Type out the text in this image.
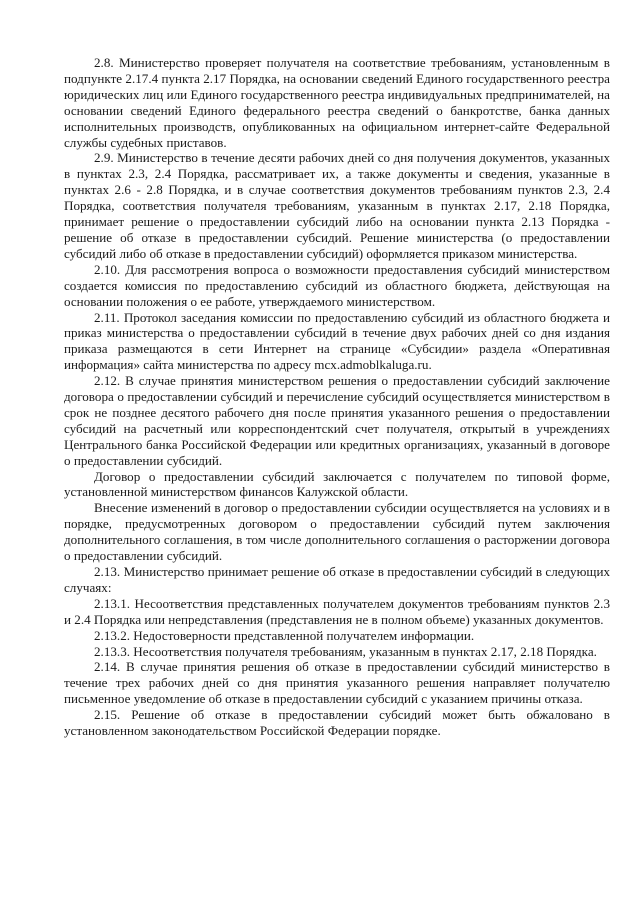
2.8. Министерство проверяет получателя на соответствие требованиям, установленным в подпункте 2.17.4 пункта 2.17 Порядка, на основании сведений Единого государственного реестра юридических лиц или Единого государственного реестра индивидуальных предпринимателей, на основании сведений Единого федерального реестра сведений о банкротстве, банка данных исполнительных производств, опубликованных на официальном интернет-сайте Федеральной службы судебных приставов.

2.9. Министерство в течение десяти рабочих дней со дня получения документов, указанных в пунктах 2.3, 2.4 Порядка, рассматривает их, а также документы и сведения, указанные в пунктах 2.6 - 2.8 Порядка, и в случае соответствия документов требованиям пунктов 2.3, 2.4 Порядка, соответствия получателя требованиям, указанным в пунктах 2.17, 2.18 Порядка, принимает решение о предоставлении субсидий либо на основании пункта 2.13 Порядка - решение об отказе в предоставлении субсидий. Решение министерства (о предоставлении субсидий либо об отказе в предоставлении субсидий) оформляется приказом министерства.

2.10. Для рассмотрения вопроса о возможности предоставления субсидий министерством создается комиссия по предоставлению субсидий из областного бюджета, действующая на основании положения о ее работе, утверждаемого министерством.

2.11. Протокол заседания комиссии по предоставлению субсидий из областного бюджета и приказ министерства о предоставлении субсидий в течение двух рабочих дней со дня издания приказа размещаются в сети Интернет на странице «Субсидии» раздела «Оперативная информация» сайта министерства по адресу mcx.admoblkaluga.ru.

2.12. В случае принятия министерством решения о предоставлении субсидий заключение договора о предоставлении субсидий и перечисление субсидий осуществляется министерством в срок не позднее десятого рабочего дня после принятия указанного решения о предоставлении субсидий на расчетный или корреспондентский счет получателя, открытый в учреждениях Центрального банка Российской Федерации или кредитных организациях, указанный в договоре о предоставлении субсидий.

Договор о предоставлении субсидий заключается с получателем по типовой форме, установленной министерством финансов Калужской области.

Внесение изменений в договор о предоставлении субсидии осуществляется на условиях и в порядке, предусмотренных договором о предоставлении субсидий путем заключения дополнительного соглашения, в том числе дополнительного соглашения о расторжении договора о предоставлении субсидий.

2.13. Министерство принимает решение об отказе в предоставлении субсидий в следующих случаях:

2.13.1. Несоответствия представленных получателем документов требованиям пунктов 2.3 и 2.4 Порядка или непредставления (представления не в полном объеме) указанных документов.

2.13.2. Недостоверности представленной получателем информации.

2.13.3. Несоответствия получателя требованиям, указанным в пунктах 2.17, 2.18 Порядка.

2.14. В случае принятия решения об отказе в предоставлении субсидий министерство в течение трех рабочих дней со дня принятия указанного решения направляет получателю письменное уведомление об отказе в предоставлении субсидий с указанием причины отказа.

2.15. Решение об отказе в предоставлении субсидий может быть обжаловано в установленном законодательством Российской Федерации порядке.
